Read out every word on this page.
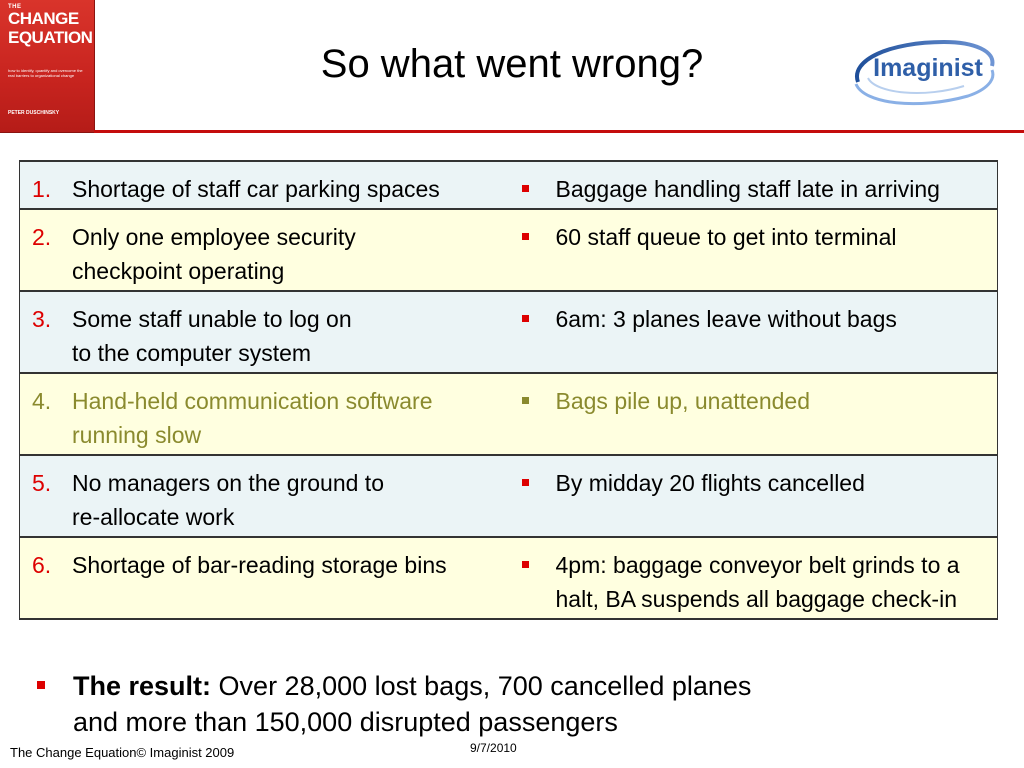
THE
CHANGE
EQUATION
how to identify, quantify and overcome the real barriers to organizational change
PETER DUSCHINSKY
So what went wrong?	Imaginist
1. Shortage of staff car parking spaces	Baggage handling staff late in arriving
2. Only one employee security checkpoint operating	60 staff queue to get into terminal
3. Some staff unable to log on
to the computer system	6am: 3 planes leave without bags
4. Hand-held communication software running slow	Bags pile up, unattended
5. No managers on the ground to
re-allocate work	By midday 20 flights cancelled
6. Shortage of bar-reading storage bins	4pm: baggage conveyor belt grinds to a halt, BA suspends all baggage check-in
The result: Over 28,000 lost bags, 700 cancelled planes
and more than 150,000 disrupted passengers
The Change Equation© Imaginist 2009	9/7/2010
